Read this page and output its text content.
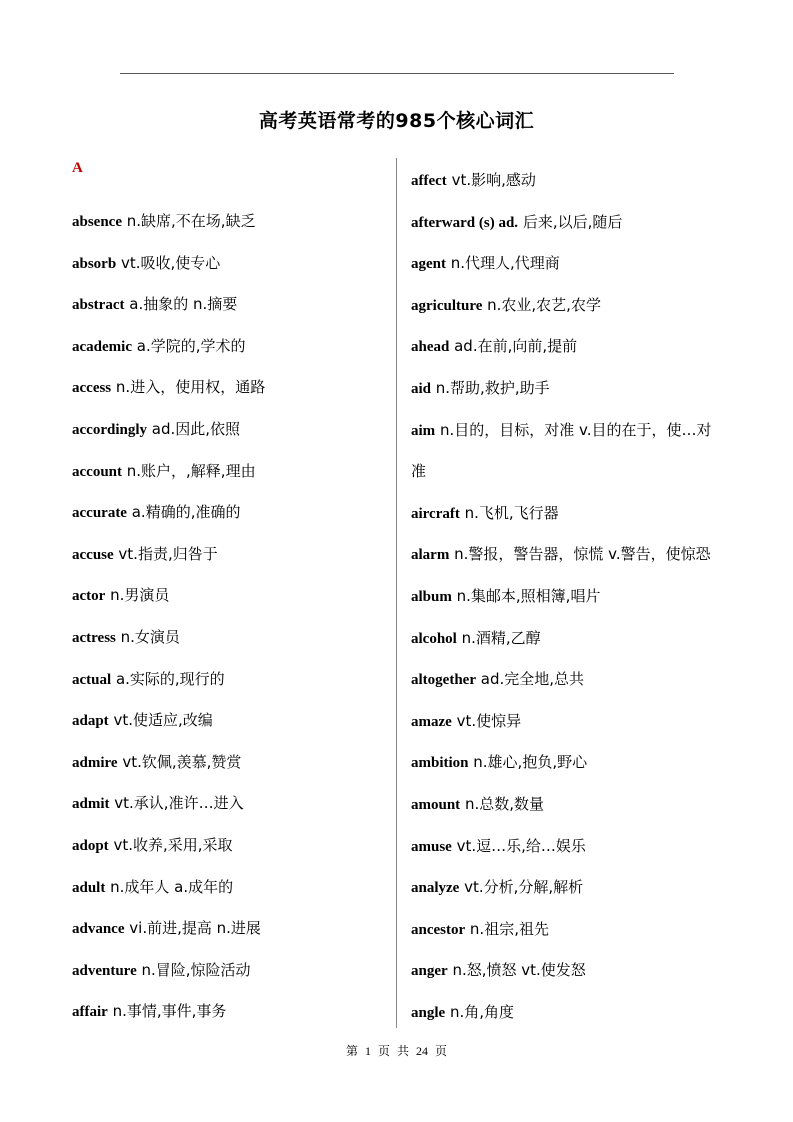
高考英语常考的985个核心词汇
A
absence n.缺席,不在场,缺乏
absorb vt.吸收,使专心
abstract a.抽象的 n.摘要
academic a.学院的,学术的
access n.进入，使用权，通路
accordingly ad.因此,依照
account n.账户，,解释,理由
accurate a.精确的,准确的
accuse vt.指责,归咎于
actor n.男演员
actress n.女演员
actual a.实际的,现行的
adapt vt.使适应,改编
admire vt.钦佩,羡慕,赞赏
admit vt.承认,准许…进入
adopt vt.收养,采用,采取
adult n.成年人 a.成年的
advance vi.前进,提高 n.进展
adventure n.冒险,惊险活动
affair n.事情,事件,事务
affect vt.影响,感动
afterward (s) ad. 后来,以后,随后
agent n.代理人,代理商
agriculture n.农业,农艺,农学
ahead ad.在前,向前,提前
aid n.帮助,救护,助手
aim n.目的，目标，对准 v.目的在于，使…对
准
aircraft n.飞机,飞行器
alarm n.警报，警告器，惊慌 v.警告，使惊恐
album n.集邮本,照相簿,唱片
alcohol n.酒精,乙醇
altogether ad.完全地,总共
amaze vt.使惊异
ambition n.雄心,抱负,野心
amount n.总数,数量
amuse vt.逗…乐,给…娱乐
analyze vt.分析,分解,解析
ancestor n.祖宗,祖先
anger n.怒,愤怒 vt.使发怒
angle n.角,角度
第 1 页 共 24 页
